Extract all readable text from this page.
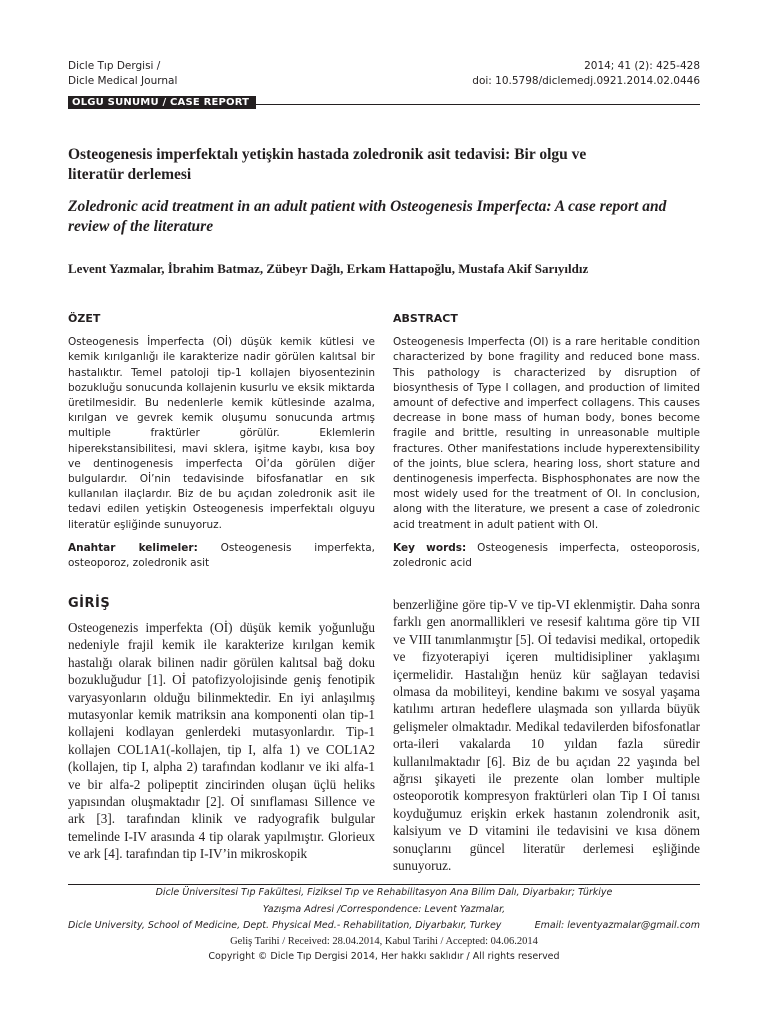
Dicle Tıp Dergisi /
Dicle Medical Journal
2014; 41 (2): 425-428
doi: 10.5798/diclemedj.0921.2014.02.0446
OLGU SUNUMU / CASE REPORT
Osteogenesis imperfektalı yetişkin hastada zoledronik asit tedavisi: Bir olgu ve
literatür derlemesi
Zoledronic acid treatment in an adult patient with Osteogenesis Imperfecta: A case report and
review of the literature
Levent Yazmalar, İbrahim Batmaz, Zübeyr Dağlı, Erkam Hattapoğlu, Mustafa Akif Sarıyıldız
ÖZET

Osteogenesis İmperfecta (Oİ) düşük kemik kütlesi ve kemik kırılganlığı ile karakterize nadir görülen kalıtsal bir hastalıktır. Temel patoloji tip-1 kollajen biyosentezinin bozukluğu sonucunda kollajenin kusurlu ve eksik miktarda üretilmesidir. Bu nedenlerle kemik kütlesinde azalma, kırılgan ve gevrek kemik oluşumu sonucunda artmış multiple fraktürler görülür. Eklemlerin hiperekstansibilitesi, mavi sklera, işitme kaybı, kısa boy ve dentinogenesis imperfecta Oİ’da görülen diğer bulgulardır. Oİ’nin tedavisinde bifosfanatlar en sık kullanılan ilaçlardır. Biz de bu açıdan zoledronik asit ile tedavi edilen yetişkin Osteogenesis imperfektalı olguyu literatür eşliğinde sunuyoruz.

Anahtar kelimeler: Osteogenesis imperfekta, osteoporoz, zoledronik asit

ABSTRACT

Osteogenesis Imperfecta (OI) is a rare heritable condition characterized by bone fragility and reduced bone mass. This pathology is characterized by disruption of biosynthesis of Type I collagen, and production of limited amount of defective and imperfect collagens. This causes decrease in bone mass of human body, bones become fragile and brittle, resulting in unreasonable multiple fractures. Other manifestations include hyperextensibility of the joints, blue sclera, hearing loss, short stature and dentinogenesis imperfecta. Bisphosphonates are now the most widely used for the treatment of OI. In conclusion, along with the literature, we present a case of zoledronic acid treatment in adult patient with OI.

Key words: Osteogenesis imperfecta, osteoporosis, zoledronic acid

GİRİŞ
Osteogenezis imperfekta (Oİ) düşük kemik yoğunluğu nedeniyle frajil kemik ile karakterize kırılgan kemik hastalığı olarak bilinen nadir görülen kalıtsal bağ doku bozukluğudur [1]. Oİ patofizyolojisinde geniş fenotipik varyasyonların olduğu bilinmektedir. En iyi anlaşılmış mutasyonlar kemik matriksin ana komponenti olan tip-1 kollajeni kodlayan genlerdeki mutasyonlardır. Tip-1 kollajen COL1A1(-kollajen, tip I, alfa 1) ve COL1A2 (kollajen, tip I, alpha 2) tarafından kodlanır ve iki alfa-1 ve bir alfa-2 polipeptit zincirinden oluşan üçlü heliks yapısından oluşmaktadır [2]. Oİ sınıflaması Sillence ve ark [3]. tarafından klinik ve radyografik bulgular temelinde I-IV arasında 4 tip olarak yapılmıştır. Glorieux ve ark [4]. tarafından tip I-IV’in mikroskopik
benzerliğine göre tip-V ve tip-VI eklenmiştir. Daha sonra farklı gen anormallikleri ve resesif kalıtıma göre tip VII ve VIII tanımlanmıştır [5]. Oİ tedavisi medikal, ortopedik ve fizyoterapiyi içeren multidisipliner yaklaşımı içermelidir. Hastalığın henüz kür sağlayan tedavisi olmasa da mobiliteyi, kendine bakımı ve sosyal yaşama katılımı artıran hedeflere ulaşmada son yıllarda büyük gelişmeler olmaktadır. Medikal tedavilerden bifosfonatlar orta-ileri vakalarda 10 yıldan fazla süredir kullanılmaktadır [6]. Biz de bu açıdan 22 yaşında bel ağrısı şikayeti ile prezente olan lomber multiple osteoporotik kompresyon fraktürleri olan Tip I Oİ tanısı koyduğumuz erişkin erkek hastanın zolendronik asit, kalsiyum ve D vitamini ile tedavisini ve kısa dönem sonuçlarını güncel literatür derlemesi eşliğinde sunuyoruz.
Dicle Üniversitesi Tıp Fakültesi, Fiziksel Tıp ve Rehabilitasyon Ana Bilim Dalı, Diyarbakır; Türkiye
Yazışma Adresi /Correspondence: Levent Yazmalar,
Dicle University, School of Medicine, Dept. Physical Med.- Rehabilitation, Diyarbakır, Turkey	Email: leventyazmalar@gmail.com
Geliş Tarihi / Received: 28.04.2014, Kabul Tarihi / Accepted: 04.06.2014
Copyright © Dicle Tıp Dergisi 2014, Her hakkı saklıdır / All rights reserved
